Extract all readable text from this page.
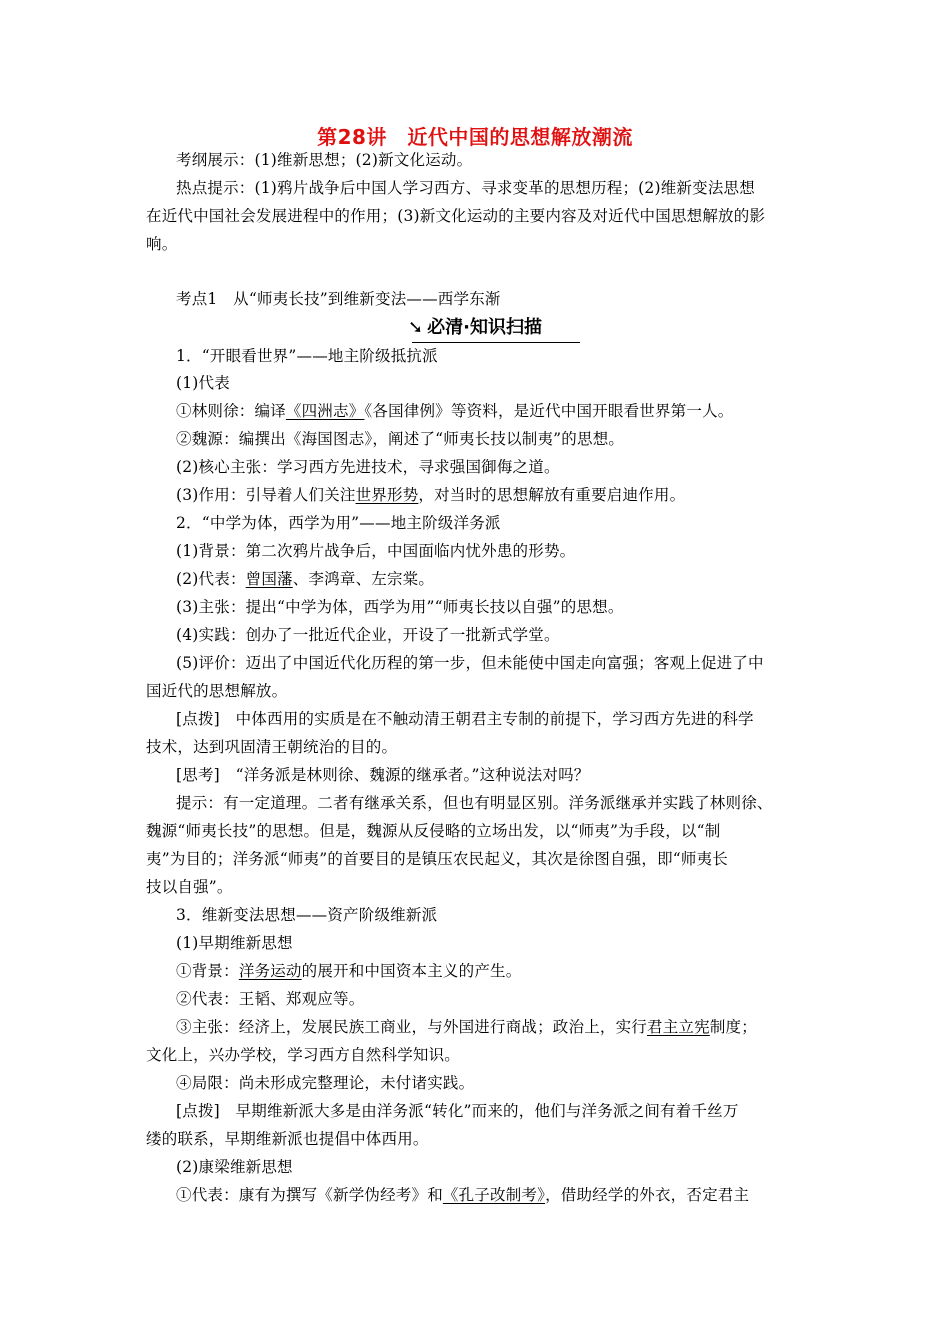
第28讲　近代中国的思想解放潮流
考纲展示：(1)维新思想；(2)新文化运动。
热点提示：(1)鸦片战争后中国人学习西方、寻求变革的思想历程；(2)维新变法思想
在近代中国社会发展进程中的作用；(3)新文化运动的主要内容及对近代中国思想解放的影
响。
考点1　从“师夷长技”到维新变法——西学东渐
➘ 必清·知识扫描
1．“开眼看世界”——地主阶级抵抗派
(1)代表
①林则徐：编译《四洲志》《各国律例》等资料，是近代中国开眼看世界第一人。
②魏源：编撰出《海国图志》，阐述了“师夷长技以制夷”的思想。
(2)核心主张：学习西方先进技术，寻求强国御侮之道。
(3)作用：引导着人们关注世界形势，对当时的思想解放有重要启迪作用。
2．“中学为体，西学为用”——地主阶级洋务派
(1)背景：第二次鸦片战争后，中国面临内忧外患的形势。
(2)代表：曾国藩、李鸿章、左宗棠。
(3)主张：提出“中学为体，西学为用”“师夷长技以自强”的思想。
(4)实践：创办了一批近代企业，开设了一批新式学堂。
(5)评价：迈出了中国近代化历程的第一步，但未能使中国走向富强；客观上促进了中
国近代的思想解放。
[点拨]　中体西用的实质是在不触动清王朝君主专制的前提下，学习西方先进的科学
技术，达到巩固清王朝统治的目的。
[思考]　“洋务派是林则徐、魏源的继承者。”这种说法对吗？
提示：有一定道理。二者有继承关系，但也有明显区别。洋务派继承并实践了林则徐、
魏源“师夷长技”的思想。但是，魏源从反侵略的立场出发，以“师夷”为手段，以“制
夷”为目的；洋务派“师夷”的首要目的是镇压农民起义，其次是徐图自强，即“师夷长
技以自强”。
3．维新变法思想——资产阶级维新派
(1)早期维新思想
①背景：洋务运动的展开和中国资本主义的产生。
②代表：王韬、郑观应等。
③主张：经济上，发展民族工商业，与外国进行商战；政治上，实行君主立宪制度；
文化上，兴办学校，学习西方自然科学知识。
④局限：尚未形成完整理论，未付诸实践。
[点拨]　早期维新派大多是由洋务派“转化”而来的，他们与洋务派之间有着千丝万
缕的联系，早期维新派也提倡中体西用。
(2)康梁维新思想
①代表：康有为撰写《新学伪经考》和《孔子改制考》，借助经学的外衣，否定君主
